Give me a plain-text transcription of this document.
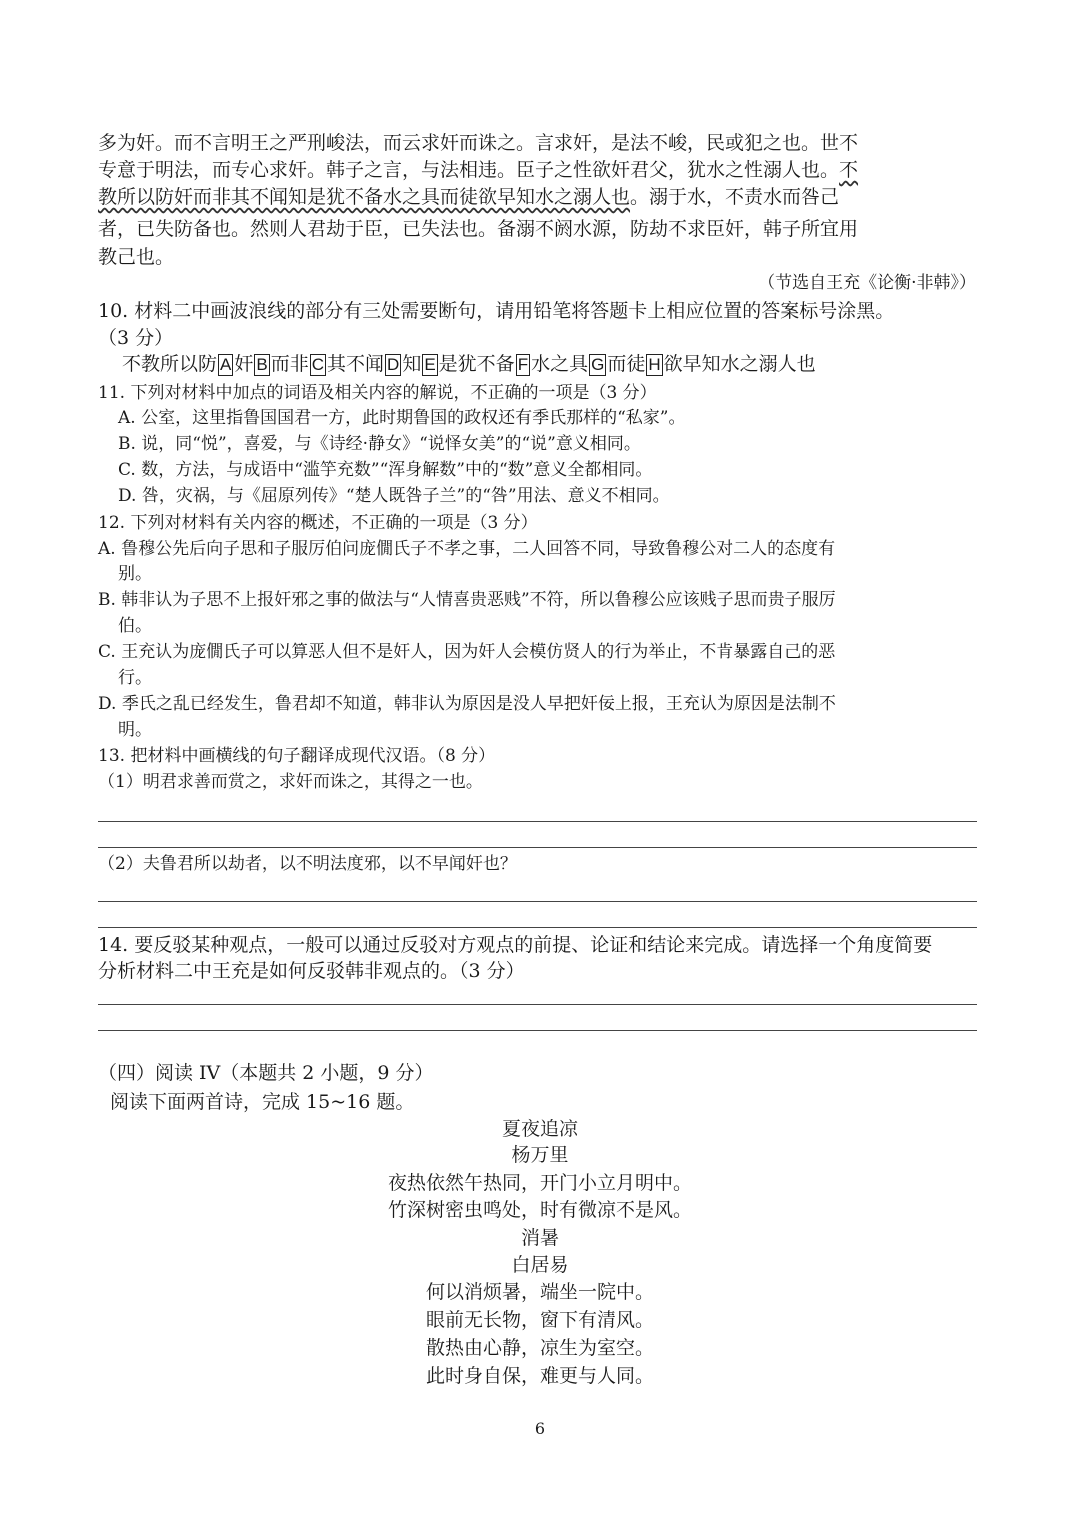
多为奸。而不言明王之严刑峻法，而云求奸而诛之。言求奸，是法不峻，民或犯之也。世不
专意于明法，而专心求奸。韩子之言，与法相违。臣子之性欲奸君父，犹水之性溺人也。不
教所以防奸而非其不闻知是犹不备水之具而徒欲早知水之溺人也。溺于水，不责水而咎己
者，已失防备也。然则人君劫于臣，已失法也。备溺不阏水源，防劫不求臣奸，韩子所宜用
教己也。
（节选自王充《论衡·非韩》）
10. 材料二中画波浪线的部分有三处需要断句，请用铅笔将答题卡上相应位置的答案标号涂黑。
（3 分）
不教所以防 A 奸 B 而非 C 其不闻 D 知 E 是犹不备 F 水之具 G 而徒 H 欲早知水之溺人也
11. 下列对材料中加点的词语及相关内容的解说，不正确的一项是（3 分）
A. 公室，这里指鲁国国君一方，此时期鲁国的政权还有季氏那样的“私家”。
B. 说，同“悦”，喜爱，与《诗经·静女》“说怿女美”的“说”意义相同。
C. 数，方法，与成语中“滥竽充数”“浑身解数”中的“数”意义全都相同。
D. 咎，灾祸，与《屈原列传》“楚人既咎子兰”的“咎”用法、意义不相同。
12. 下列对材料有关内容的概述，不正确的一项是（3 分）
A. 鲁穆公先后向子思和子服厉伯问庞僩氏子不孝之事，二人回答不同，导致鲁穆公对二人的态度有
别。
B. 韩非认为子思不上报奸邪之事的做法与“人情喜贵恶贱”不符，所以鲁穆公应该贱子思而贵子服厉
伯。
C. 王充认为庞僩氏子可以算恶人但不是奸人，因为奸人会模仿贤人的行为举止，不肯暴露自己的恶
行。
D. 季氏之乱已经发生，鲁君却不知道，韩非认为原因是没人早把奸佞上报，王充认为原因是法制不
明。
13. 把材料中画横线的句子翻译成现代汉语。（8 分）
（1）明君求善而赏之，求奸而诛之，其得之一也。
（2）夫鲁君所以劫者，以不明法度邪，以不早闻奸也？
14. 要反驳某种观点，一般可以通过反驳对方观点的前提、论证和结论来完成。请选择一个角度简要
分析材料二中王充是如何反驳韩非观点的。（3 分）
（四）阅读 IV（本题共 2 小题，9 分）
阅读下面两首诗，完成 15~16 题。
夏夜追凉
杨万里
夜热依然午热同，开门小立月明中。
竹深树密虫鸣处，时有微凉不是风。
消暑
白居易
何以消烦暑，端坐一院中。
眼前无长物，窗下有清风。
散热由心静，凉生为室空。
此时身自保，难更与人同。
6
